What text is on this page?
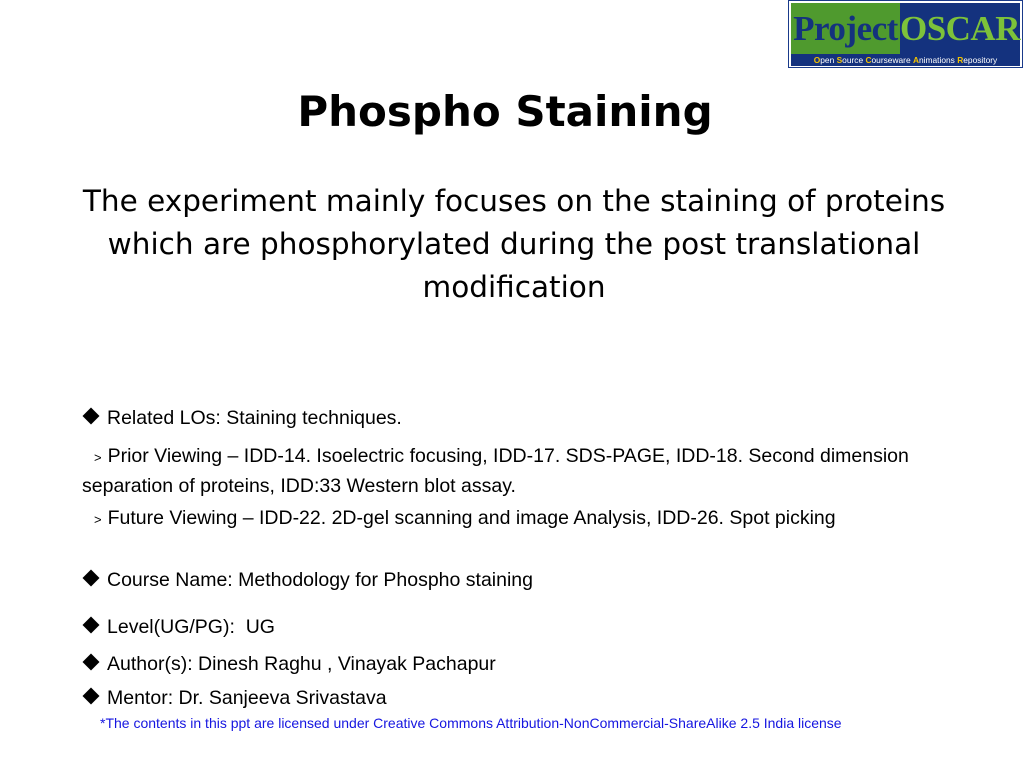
Project OSCAR
Open Source Courseware Animations Repository
Phospho Staining

The experiment mainly focuses on the staining of proteins which are phosphorylated during the post translational modification

Related LOs: Staining techniques.
> Prior Viewing – IDD-14. Isoelectric focusing, IDD-17. SDS-PAGE, IDD-18. Second dimension separation of proteins, IDD:33 Western blot assay.
> Future Viewing – IDD-22. 2D-gel scanning and image Analysis, IDD-26. Spot picking
Course Name: Methodology for Phospho staining
Level(UG/PG):  UG
Author(s): Dinesh Raghu , Vinayak Pachapur
Mentor: Dr. Sanjeeva Srivastava
*The contents in this ppt are licensed under Creative Commons Attribution-NonCommercial-ShareAlike 2.5 India license
